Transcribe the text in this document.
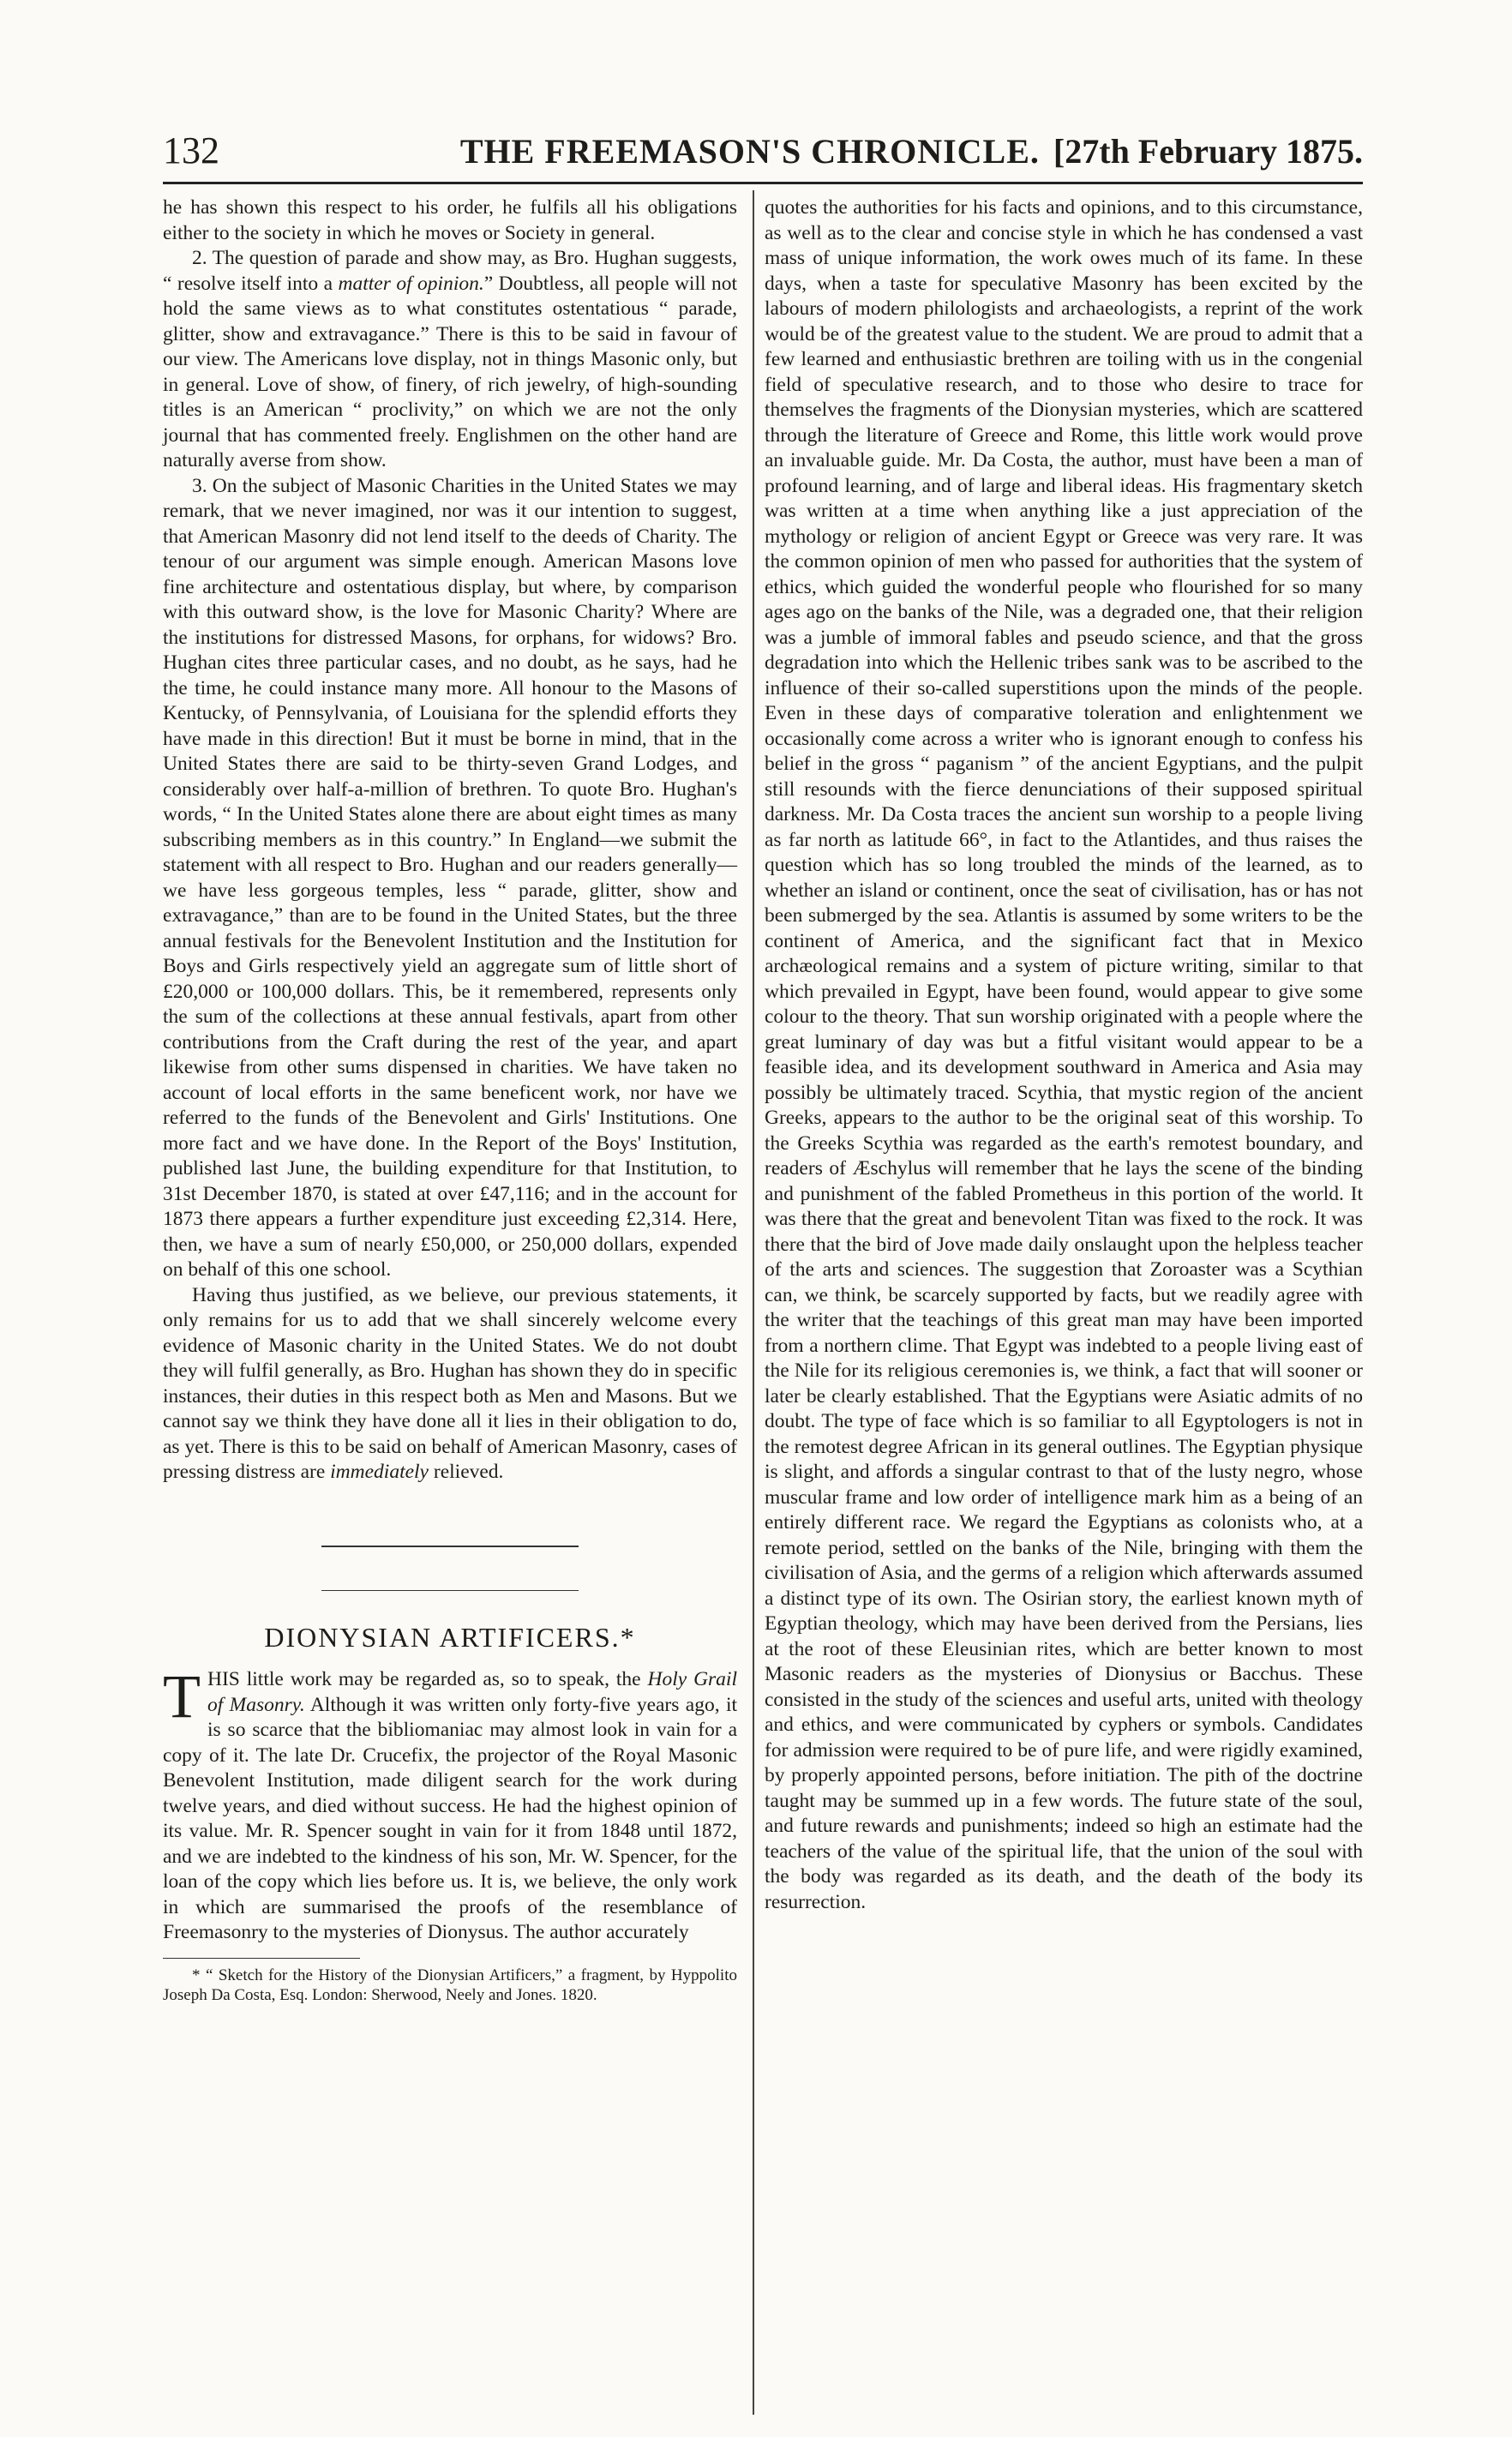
132	THE FREEMASON'S CHRONICLE. [27th February 1875.

he has shown this respect to his order, he fulfils all his obligations either to the society in which he moves or Society in general.

2. The question of parade and show may, as Bro. Hughan suggests, “ resolve itself into a matter of opinion.” Doubtless, all people will not hold the same views as to what constitutes ostentatious “ parade, glitter, show and extravagance.” There is this to be said in favour of our view. The Americans love display, not in things Masonic only, but in general. Love of show, of finery, of rich jewelry, of high-sounding titles is an American “ proclivity,” on which we are not the only journal that has commented freely. Englishmen on the other hand are naturally averse from show.

3. On the subject of Masonic Charities in the United States we may remark, that we never imagined, nor was it our intention to suggest, that American Masonry did not lend itself to the deeds of Charity. The tenour of our argument was simple enough. American Masons love fine architecture and ostentatious display, but where, by comparison with this outward show, is the love for Masonic Charity? Where are the institutions for distressed Masons, for orphans, for widows? Bro. Hughan cites three particular cases, and no doubt, as he says, had he the time, he could instance many more. All honour to the Masons of Kentucky, of Pennsylvania, of Louisiana for the splendid efforts they have made in this direction! But it must be borne in mind, that in the United States there are said to be thirty-seven Grand Lodges, and considerably over half-a-million of brethren. To quote Bro. Hughan's words, “ In the United States alone there are about eight times as many subscribing members as in this country.” In England—we submit the statement with all respect to Bro. Hughan and our readers generally—we have less gorgeous temples, less “ parade, glitter, show and extravagance,” than are to be found in the United States, but the three annual festivals for the Benevolent Institution and the Institution for Boys and Girls respectively yield an aggregate sum of little short of £20,000 or 100,000 dollars. This, be it remembered, represents only the sum of the collections at these annual festivals, apart from other contributions from the Craft during the rest of the year, and apart likewise from other sums dispensed in charities. We have taken no account of local efforts in the same beneficent work, nor have we referred to the funds of the Benevolent and Girls' Institutions. One more fact and we have done. In the Report of the Boys' Institution, published last June, the building expenditure for that Institution, to 31st December 1870, is stated at over £47,116; and in the account for 1873 there appears a further expenditure just exceeding £2,314. Here, then, we have a sum of nearly £50,000, or 250,000 dollars, expended on behalf of this one school.

Having thus justified, as we believe, our previous statements, it only remains for us to add that we shall sincerely welcome every evidence of Masonic charity in the United States. We do not doubt they will fulfil generally, as Bro. Hughan has shown they do in specific instances, their duties in this respect both as Men and Masons. But we cannot say we think they have done all it lies in their obligation to do, as yet. There is this to be said on behalf of American Masonry, cases of pressing distress are immediately relieved.

DIONYSIAN ARTIFICERS.*

THIS little work may be regarded as, so to speak, the Holy Grail of Masonry. Although it was written only forty-five years ago, it is so scarce that the bibliomaniac may almost look in vain for a copy of it. The late Dr. Crucefix, the projector of the Royal Masonic Benevolent Institution, made diligent search for the work during twelve years, and died without success. He had the highest opinion of its value. Mr. R. Spencer sought in vain for it from 1848 until 1872, and we are indebted to the kindness of his son, Mr. W. Spencer, for the loan of the copy which lies before us. It is, we believe, the only work in which are summarised the proofs of the resemblance of Freemasonry to the mysteries of Dionysus. The author accurately

* “ Sketch for the History of the Dionysian Artificers,” a fragment, by Hyppolito Joseph Da Costa, Esq. London: Sherwood, Neely and Jones. 1820.

quotes the authorities for his facts and opinions, and to this circumstance, as well as to the clear and concise style in which he has condensed a vast mass of unique information, the work owes much of its fame. In these days, when a taste for speculative Masonry has been excited by the labours of modern philologists and archaeologists, a reprint of the work would be of the greatest value to the student. We are proud to admit that a few learned and enthusiastic brethren are toiling with us in the congenial field of speculative research, and to those who desire to trace for themselves the fragments of the Dionysian mysteries, which are scattered through the literature of Greece and Rome, this little work would prove an invaluable guide. Mr. Da Costa, the author, must have been a man of profound learning, and of large and liberal ideas. His fragmentary sketch was written at a time when anything like a just appreciation of the mythology or religion of ancient Egypt or Greece was very rare. It was the common opinion of men who passed for authorities that the system of ethics, which guided the wonderful people who flourished for so many ages ago on the banks of the Nile, was a degraded one, that their religion was a jumble of immoral fables and pseudo science, and that the gross degradation into which the Hellenic tribes sank was to be ascribed to the influence of their so-called superstitions upon the minds of the people. Even in these days of comparative toleration and enlightenment we occasionally come across a writer who is ignorant enough to confess his belief in the gross “ paganism ” of the ancient Egyptians, and the pulpit still resounds with the fierce denunciations of their supposed spiritual darkness. Mr. Da Costa traces the ancient sun worship to a people living as far north as latitude 66°, in fact to the Atlantides, and thus raises the question which has so long troubled the minds of the learned, as to whether an island or continent, once the seat of civilisation, has or has not been submerged by the sea. Atlantis is assumed by some writers to be the continent of America, and the significant fact that in Mexico archæological remains and a system of picture writing, similar to that which prevailed in Egypt, have been found, would appear to give some colour to the theory. That sun worship originated with a people where the great luminary of day was but a fitful visitant would appear to be a feasible idea, and its development southward in America and Asia may possibly be ultimately traced. Scythia, that mystic region of the ancient Greeks, appears to the author to be the original seat of this worship. To the Greeks Scythia was regarded as the earth's remotest boundary, and readers of Æschylus will remember that he lays the scene of the binding and punishment of the fabled Prometheus in this portion of the world. It was there that the great and benevolent Titan was fixed to the rock. It was there that the bird of Jove made daily onslaught upon the helpless teacher of the arts and sciences. The suggestion that Zoroaster was a Scythian can, we think, be scarcely supported by facts, but we readily agree with the writer that the teachings of this great man may have been imported from a northern clime. That Egypt was indebted to a people living east of the Nile for its religious ceremonies is, we think, a fact that will sooner or later be clearly established. That the Egyptians were Asiatic admits of no doubt. The type of face which is so familiar to all Egyptologers is not in the remotest degree African in its general outlines. The Egyptian physique is slight, and affords a singular contrast to that of the lusty negro, whose muscular frame and low order of intelligence mark him as a being of an entirely different race. We regard the Egyptians as colonists who, at a remote period, settled on the banks of the Nile, bringing with them the civilisation of Asia, and the germs of a religion which afterwards assumed a distinct type of its own. The Osirian story, the earliest known myth of Egyptian theology, which may have been derived from the Persians, lies at the root of these Eleusinian rites, which are better known to most Masonic readers as the mysteries of Dionysius or Bacchus. These consisted in the study of the sciences and useful arts, united with theology and ethics, and were communicated by cyphers or symbols. Candidates for admission were required to be of pure life, and were rigidly examined, by properly appointed persons, before initiation. The pith of the doctrine taught may be summed up in a few words. The future state of the soul, and future rewards and punishments; indeed so high an estimate had the teachers of the value of the spiritual life, that the union of the soul with the body was regarded as its death, and the death of the body its resurrection.
